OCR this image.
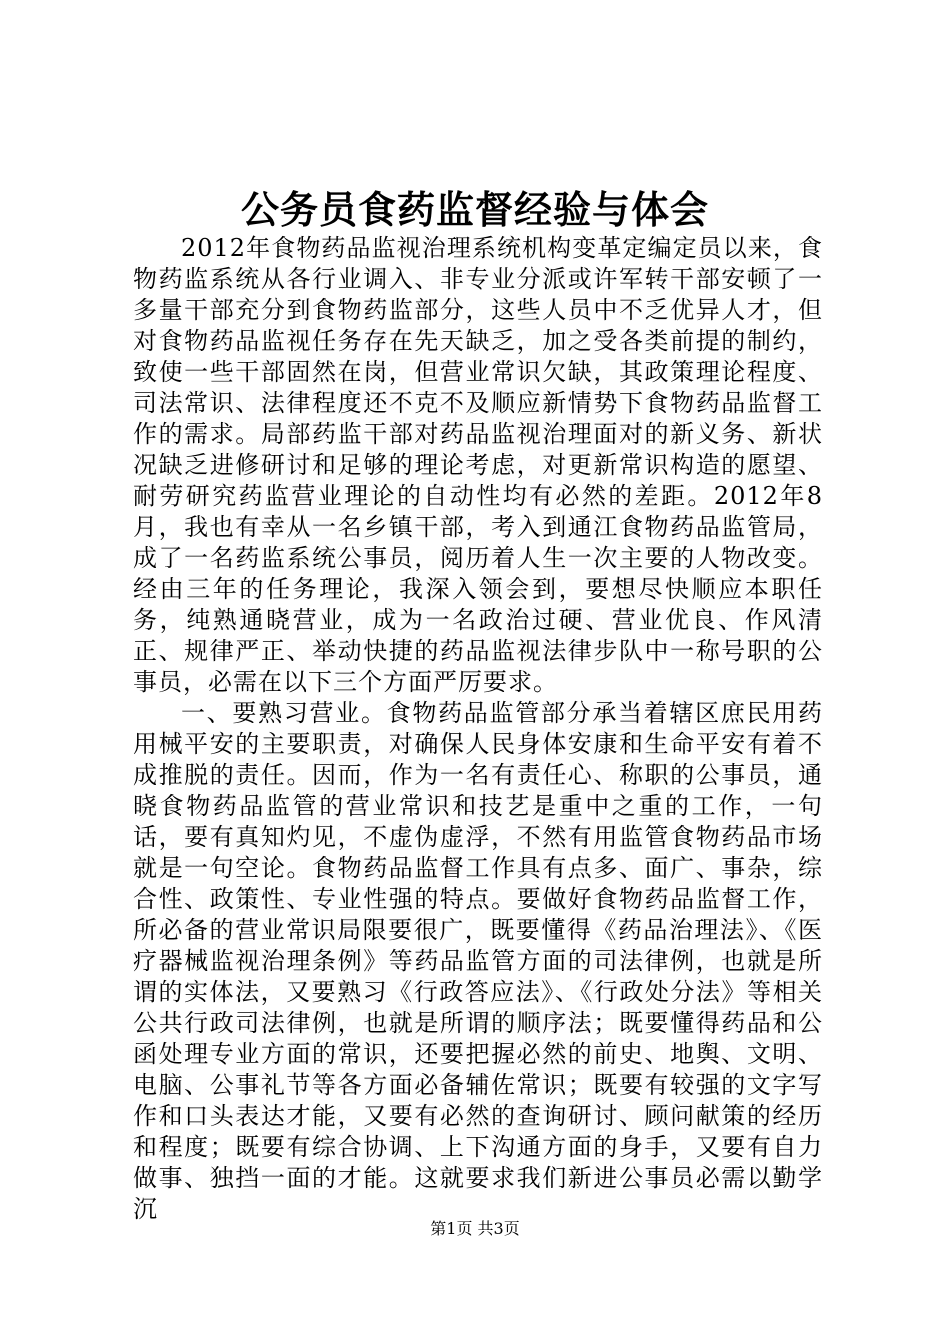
公务员食药监督经验与体会

2012年食物药品监视治理系统机构变革定编定员以来，食物药监系统从各行业调入、非专业分派或许军转干部安顿了一多量干部充分到食物药监部分，这些人员中不乏优异人才，但对食物药品监视任务存在先天缺乏，加之受各类前提的制约，致使一些干部固然在岗，但营业常识欠缺，其政策理论程度、司法常识、法律程度还不克不及顺应新情势下食物药品监督工作的需求。局部药监干部对药品监视治理面对的新义务、新状况缺乏进修研讨和足够的理论考虑，对更新常识构造的愿望、耐劳研究药监营业理论的自动性均有必然的差距。2012年8月，我也有幸从一名乡镇干部，考入到通江食物药品监管局，成了一名药监系统公事员，阅历着人生一次主要的人物改变。经由三年的任务理论，我深入领会到，要想尽快顺应本职任务，纯熟通晓营业，成为一名政治过硬、营业优良、作风清正、规律严正、举动快捷的药品监视法律步队中一称号职的公事员，必需在以下三个方面严厉要求。

一、要熟习营业。食物药品监管部分承当着辖区庶民用药用械平安的主要职责，对确保人民身体安康和生命平安有着不成推脱的责任。因而，作为一名有责任心、称职的公事员，通晓食物药品监管的营业常识和技艺是重中之重的工作，一句话，要有真知灼见，不虚伪虚浮，不然有用监管食物药品市场就是一句空论。食物药品监督工作具有点多、面广、事杂，综合性、政策性、专业性强的特点。要做好食物药品监督工作，所必备的营业常识局限要很广，既要懂得《药品治理法》、《医疗器械监视治理条例》等药品监管方面的司法律例，也就是所谓的实体法，又要熟习《行政答应法》、《行政处分法》等相关公共行政司法律例，也就是所谓的顺序法；既要懂得药品和公函处理专业方面的常识，还要把握必然的前史、地舆、文明、电脑、公事礼节等各方面必备辅佐常识；既要有较强的文字写作和口头表达才能，又要有必然的查询研讨、顾问献策的经历和程度；既要有综合协调、上下沟通方面的身手，又要有自力做事、独挡一面的才能。这就要求我们新进公事员必需以勤学沉

第1页 共3页
